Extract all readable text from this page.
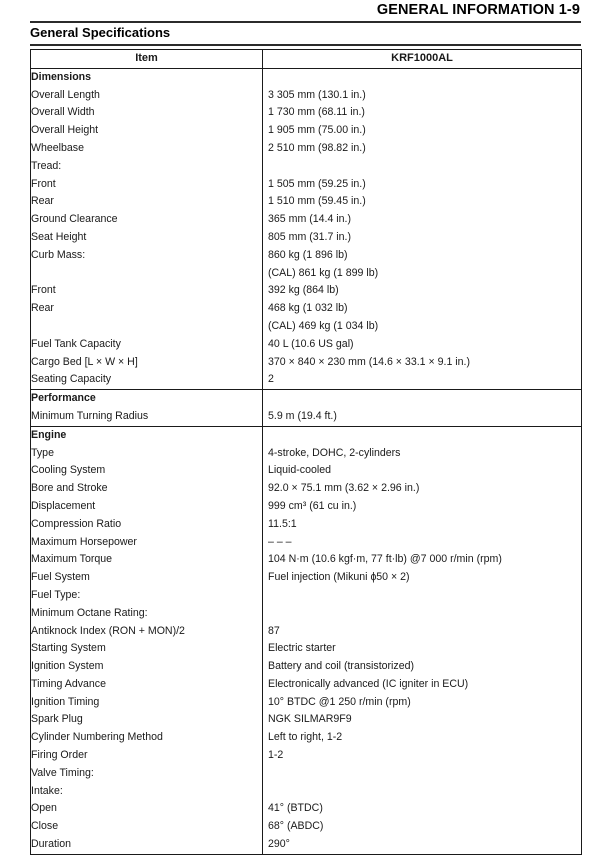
GENERAL INFORMATION 1-9
General Specifications
Item	KRF1000AL
Dimensions	
Overall Length	3 305 mm (130.1 in.)
Overall Width	1 730 mm (68.11 in.)
Overall Height	1 905 mm (75.00 in.)
Wheelbase	2 510 mm (98.82 in.)
Tread:	
Front	1 505 mm (59.25 in.)
Rear	1 510 mm (59.45 in.)
Ground Clearance	365 mm (14.4 in.)
Seat Height	805 mm (31.7 in.)
Curb Mass:	860 kg (1 896 lb)
	(CAL) 861 kg (1 899 lb)
Front	392 kg (864 lb)
Rear	468 kg (1 032 lb)
	(CAL) 469 kg (1 034 lb)
Fuel Tank Capacity	40 L (10.6 US gal)
Cargo Bed [L × W × H]	370 × 840 × 230 mm (14.6 × 33.1 × 9.1 in.)
Seating Capacity	2
Performance	
Minimum Turning Radius	5.9 m (19.4 ft.)
Engine	
Type	4-stroke, DOHC, 2-cylinders
Cooling System	Liquid-cooled
Bore and Stroke	92.0 × 75.1 mm (3.62 × 2.96 in.)
Displacement	999 cm³ (61 cu in.)
Compression Ratio	11.5:1
Maximum Horsepower	– – –
Maximum Torque	104 N·m (10.6 kgf·m, 77 ft·lb) @7 000 r/min (rpm)
Fuel System	Fuel injection (Mikuni ɸ50 × 2)
Fuel Type:	
Minimum Octane Rating:	
Antiknock Index (RON + MON)/2	87
Starting System	Electric starter
Ignition System	Battery and coil (transistorized)
Timing Advance	Electronically advanced (IC igniter in ECU)
Ignition Timing	10° BTDC @1 250 r/min (rpm)
Spark Plug	NGK SILMAR9F9
Cylinder Numbering Method	Left to right, 1-2
Firing Order	1-2
Valve Timing:	
Intake:	
Open	41° (BTDC)
Close	68° (ABDC)
Duration	290°
